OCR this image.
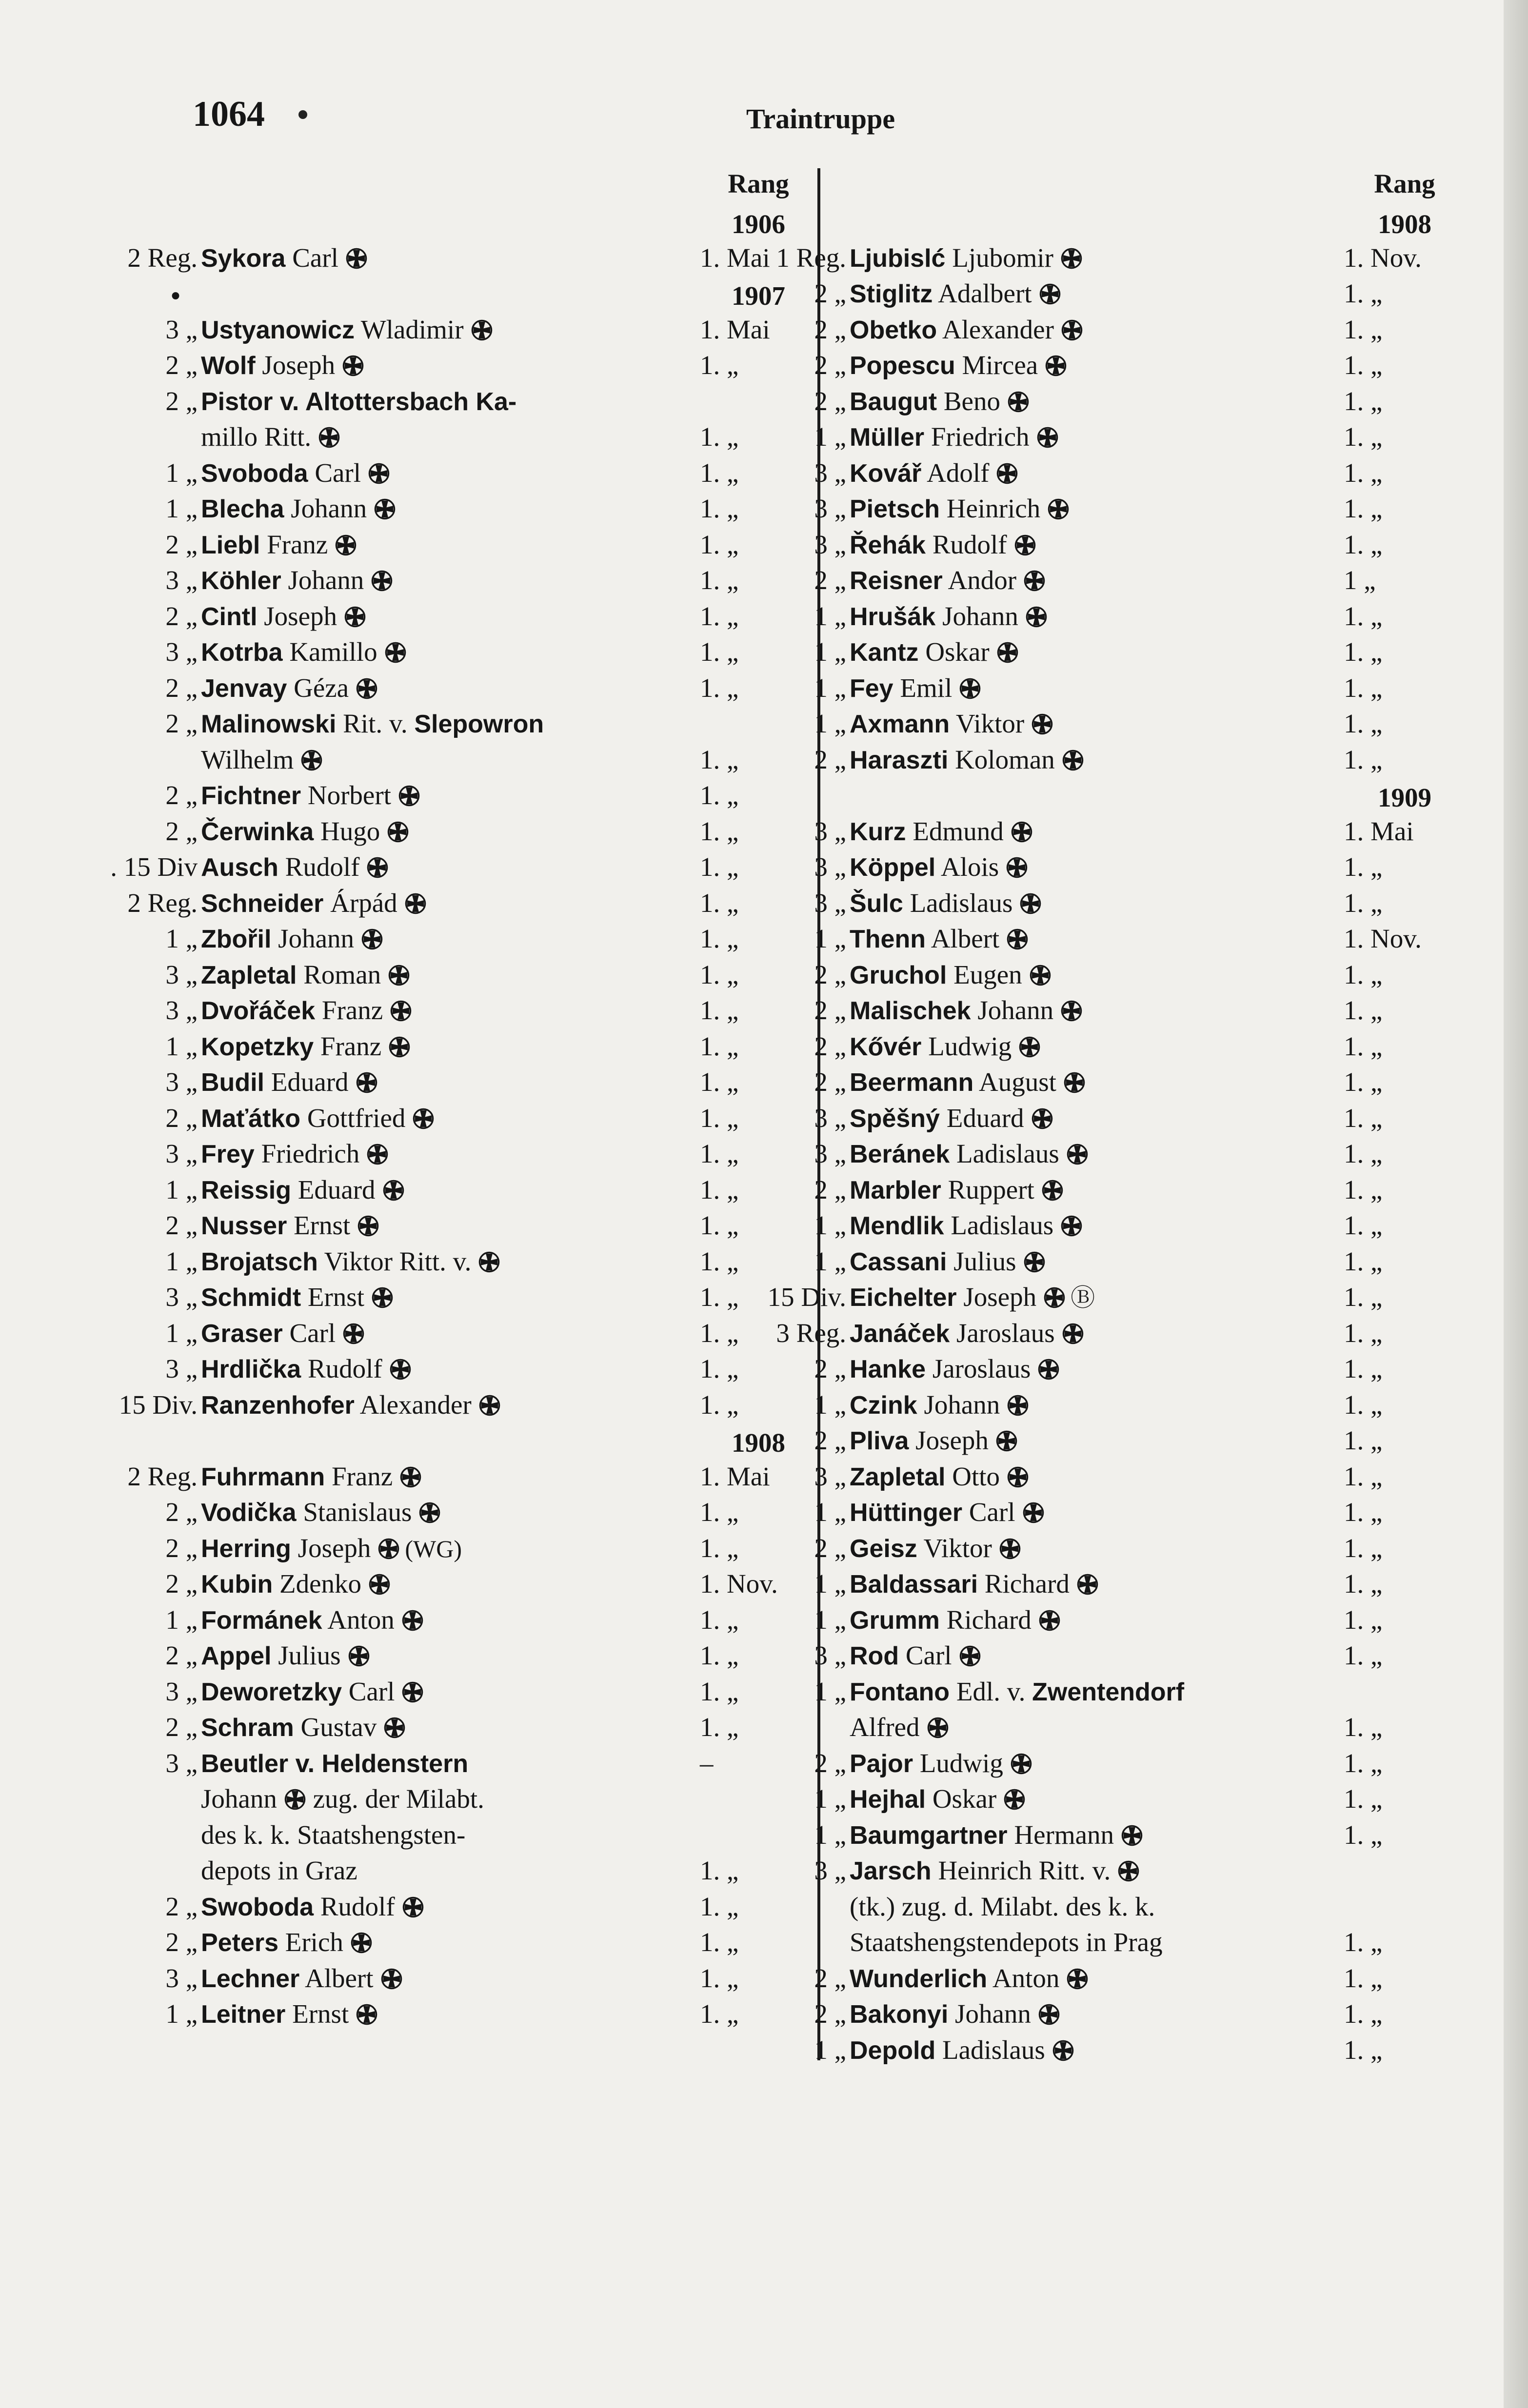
1064	Traintruppe
Rang	Rang
1906
2 Reg. Sykora Carl	1. Mai
1907
•
3 „ Ustyanowicz Wladimir	1. Mai
2 „ Wolf Joseph	1. „
2 „ Pistor v. Altottersbach Ka-
millo Ritt.	1. „
1 „ Svoboda Carl	1. „
1 „ Blecha Johann	1. „
2 „ Liebl Franz	1. „
3 „ Köhler Johann	1. „
2 „ Cintl Joseph	1. „
3 „ Kotrba Kamillo	1. „
2 „ Jenvay Géza	1. „
2 „ Malinowski Rit. v. Slepowron
Wilhelm	1. „
2 „ Fichtner Norbert	1. „
2 „ Čerwinka Hugo	1. „
. 15 Div Ausch Rudolf	1. „
2 Reg. Schneider Árpád	1. „
1 „ Zbořil Johann	1. „
3 „ Zapletal Roman	1. „
3 „ Dvořáček Franz	1. „
1 „ Kopetzky Franz	1. „
3 „ Budil Eduard	1. „
2 „ Maťátko Gottfried	1. „
3 „ Frey Friedrich	1. „
1 „ Reissig Eduard	1. „
2 „ Nusser Ernst	1. „
1 „ Brojatsch Viktor Ritt. v.	1. „
3 „ Schmidt Ernst	1. „
1 „ Graser Carl	1. „
3 „ Hrdlička Rudolf	1. „
15 Div. Ranzenhofer Alexander	1. „
1908
2 Reg. Fuhrmann Franz	1. Mai
2 „ Vodička Stanislaus	1. „
2 „ Herring Joseph (WG)	1. „
2 „ Kubin Zdenko	1. Nov.
1 „ Formánek Anton	1. „
2 „ Appel Julius	1. „
3 „ Deworetzky Carl	1. „
2 „ Schram Gustav	1. „
3 „ Beutler v. Heldenstern	–
Johann zug. der Milabt.
des k. k. Staatshengsten-
depots in Graz	1. „
2 „ Swoboda Rudolf	1. „
2 „ Peters Erich	1. „
3 „ Lechner Albert	1. „
1 „ Leitner Ernst	1. „
1908
1 Reg. Ljubislć Ljubomir	1. Nov.
2 „ Stiglitz Adalbert	1. „
2 „ Obetko Alexander	1. „
2 „ Popescu Mircea	1. „
2 „ Baugut Beno	1. „
1 „ Müller Friedrich	1. „
3 „ Kovář Adolf	1. „
3 „ Pietsch Heinrich	1. „
3 „ Řehák Rudolf	1. „
2 „ Reisner Andor	1 „
1 „ Hrušák Johann	1. „
1 „ Kantz Oskar	1. „
1 „ Fey Emil	1. „
1 „ Axmann Viktor	1. „
2 „ Haraszti Koloman	1. „
1909
3 „ Kurz Edmund	1. Mai
3 „ Köppel Alois	1. „
3 „ Šulc Ladislaus	1. „
1 „ Thenn Albert	1. Nov.
2 „ Gruchol Eugen	1. „
2 „ Malischek Johann	1. „
2 „ Kővér Ludwig	1. „
2 „ Beermann August	1. „
3 „ Spěšný Eduard	1. „
3 „ Beránek Ladislaus	1. „
2 „ Marbler Ruppert	1. „
1 „ Mendlik Ladislaus	1. „
1 „ Cassani Julius	1. „
15 Div. Eichelter Joseph Ⓑ	1. „
3 Reg. Janáček Jaroslaus	1. „
2 „ Hanke Jaroslaus	1. „
1 „ Czink Johann	1. „
2 „ Pliva Joseph	1. „
3 „ Zapletal Otto	1. „
1 „ Hüttinger Carl	1. „
2 „ Geisz Viktor	1. „
1 „ Baldassari Richard	1. „
1 „ Grumm Richard	1. „
3 „ Rod Carl	1. „
1 „ Fontano Edl. v. Zwentendorf
Alfred	1. „
2 „ Pajor Ludwig	1. „
1 „ Hejhal Oskar	1. „
1 „ Baumgartner Hermann	1. „
3 „ Jarsch Heinrich Ritt. v.
(tk.) zug. d. Milabt. des k. k.
Staatshengstendepots in Prag	1. „
2 „ Wunderlich Anton	1. „
2 „ Bakonyi Johann	1. „
1 „ Depold Ladislaus	1. „
